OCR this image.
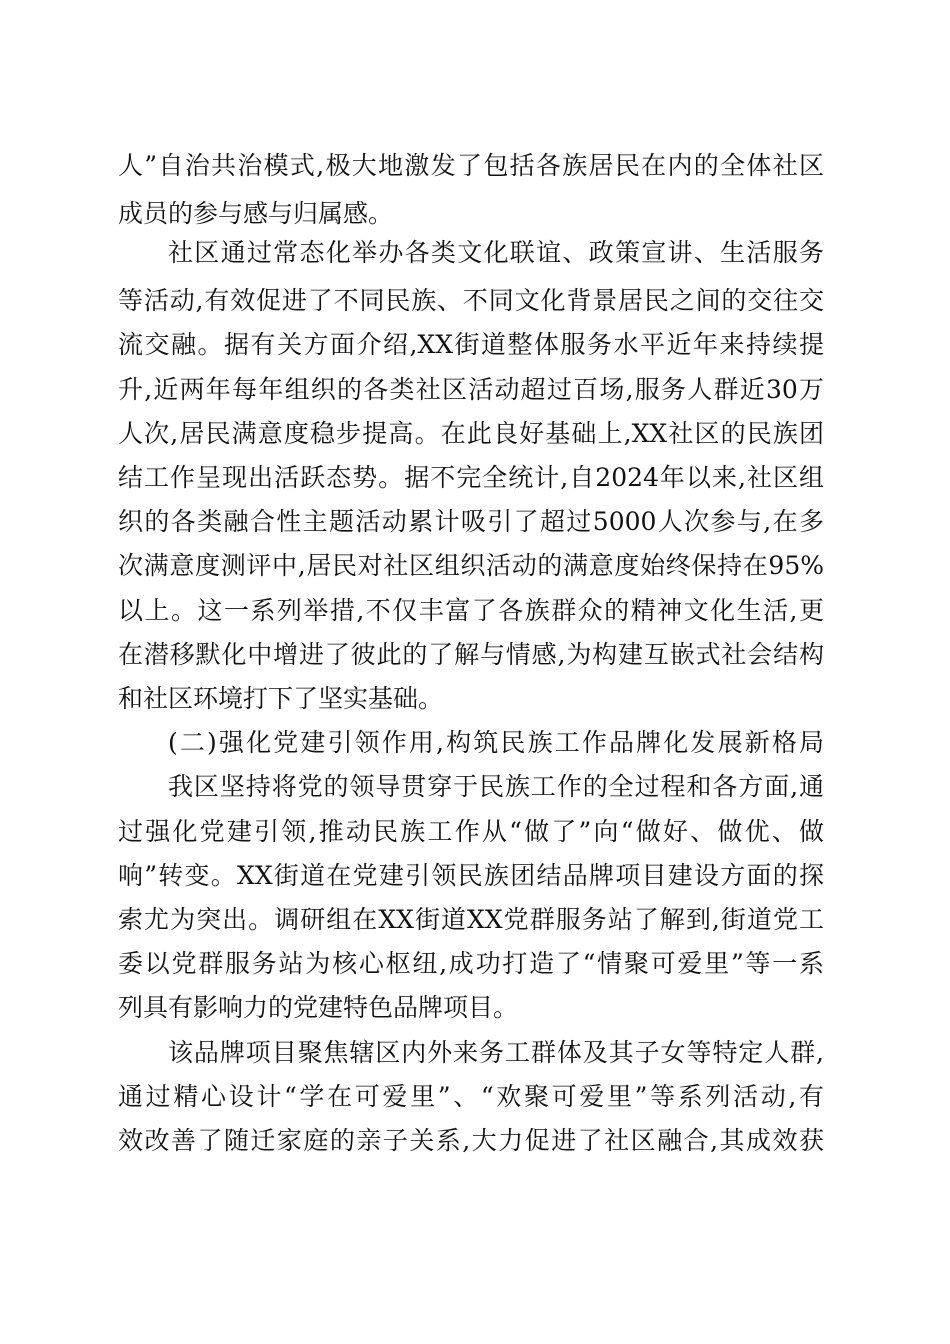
人”自治共治模式,极大地激发了包括各族居民在内的全体社区
成员的参与感与归属感。
社区通过常态化举办各类文化联谊、政策宣讲、生活服务
等活动,有效促进了不同民族、不同文化背景居民之间的交往交
流交融。据有关方面介绍,XX街道整体服务水平近年来持续提
升,近两年每年组织的各类社区活动超过百场,服务人群近30万
人次,居民满意度稳步提高。在此良好基础上,XX社区的民族团
结工作呈现出活跃态势。据不完全统计,自2024年以来,社区组
织的各类融合性主题活动累计吸引了超过5000人次参与,在多
次满意度测评中,居民对社区组织活动的满意度始终保持在95%
以上。这一系列举措,不仅丰富了各族群众的精神文化生活,更
在潜移默化中增进了彼此的了解与情感,为构建互嵌式社会结构
和社区环境打下了坚实基础。
(二)强化党建引领作用,构筑民族工作品牌化发展新格局
我区坚持将党的领导贯穿于民族工作的全过程和各方面,通
过强化党建引领,推动民族工作从“做了”向“做好、做优、做
响”转变。XX街道在党建引领民族团结品牌项目建设方面的探
索尤为突出。调研组在XX街道XX党群服务站了解到,街道党工
委以党群服务站为核心枢纽,成功打造了“情聚可爱里”等一系
列具有影响力的党建特色品牌项目。
该品牌项目聚焦辖区内外来务工群体及其子女等特定人群,
通过精心设计“学在可爱里”、“欢聚可爱里”等系列活动,有
效改善了随迁家庭的亲子关系,大力促进了社区融合,其成效获
